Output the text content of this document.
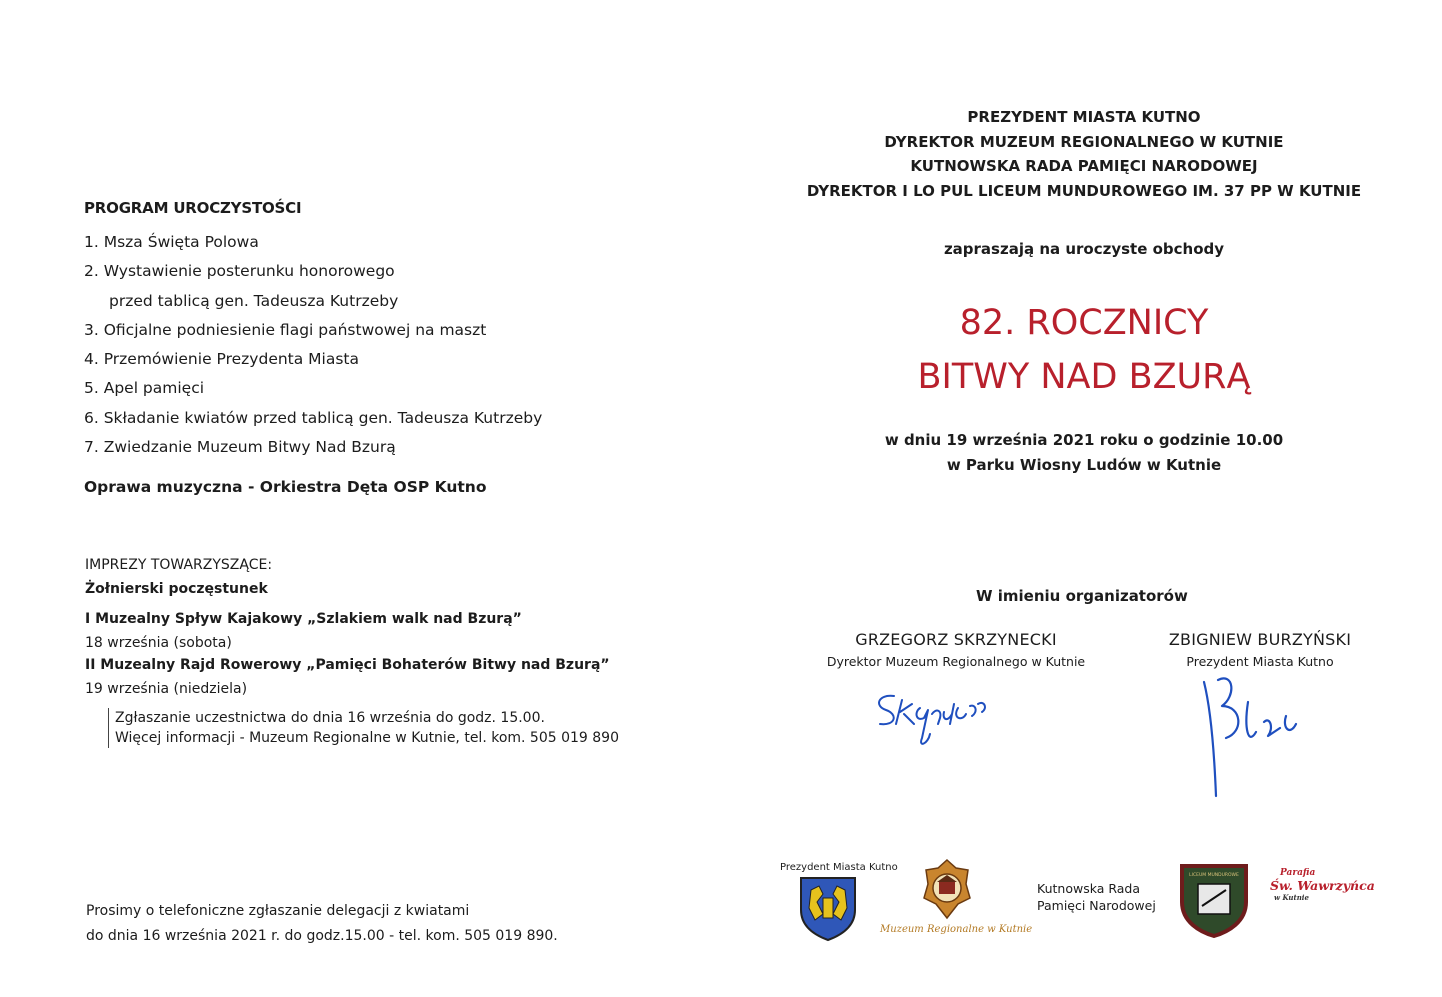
PROGRAM UROCZYSTOŚCI
1. Msza Święta Polowa
2. Wystawienie posterunku honorowego
przed tablicą gen. Tadeusza Kutrzeby
3. Oficjalne podniesienie flagi państwowej na maszt
4. Przemówienie Prezydenta Miasta
5. Apel pamięci
6. Składanie kwiatów przed tablicą gen. Tadeusza Kutrzeby
7. Zwiedzanie Muzeum Bitwy Nad Bzurą
Oprawa muzyczna - Orkiestra Dęta OSP Kutno
IMPREZY TOWARZYSZĄCE:
Żołnierski poczęstunek
I Muzealny Spływ Kajakowy „Szlakiem walk nad Bzurą”
18 września (sobota)
II Muzealny Rajd Rowerowy „Pamięci Bohaterów Bitwy nad Bzurą”
19 września (niedziela)
Zgłaszanie uczestnictwa do dnia 16 września do godz. 15.00.
Więcej informacji - Muzeum Regionalne w Kutnie, tel. kom. 505 019 890
Prosimy o telefoniczne zgłaszanie delegacji z kwiatami
do dnia 16 września 2021 r. do godz.15.00 - tel. kom. 505 019 890.
PREZYDENT MIASTA KUTNO
DYREKTOR MUZEUM REGIONALNEGO W KUTNIE
KUTNOWSKA RADA PAMIĘCI NARODOWEJ
DYREKTOR I LO PUL LICEUM MUNDUROWEGO IM. 37 PP W KUTNIE
zapraszają na uroczyste obchody
82. ROCZNICY
BITWY NAD BZURĄ
w dniu 19 września 2021 roku o godzinie 10.00
w Parku Wiosny Ludów w Kutnie
W imieniu organizatorów
GRZEGORZ SKRZYNECKI
Dyrektor Muzeum Regionalnego w Kutnie
ZBIGNIEW BURZYŃSKI
Prezydent Miasta Kutno
Prezydent Miasta Kutno
Muzeum Regionalne w Kutnie
Kutnowska Rada
Pamięci Narodowej
LICEUM MUNDUROWE	Parafia
Św. Wawrzyńca
w Kutnie
